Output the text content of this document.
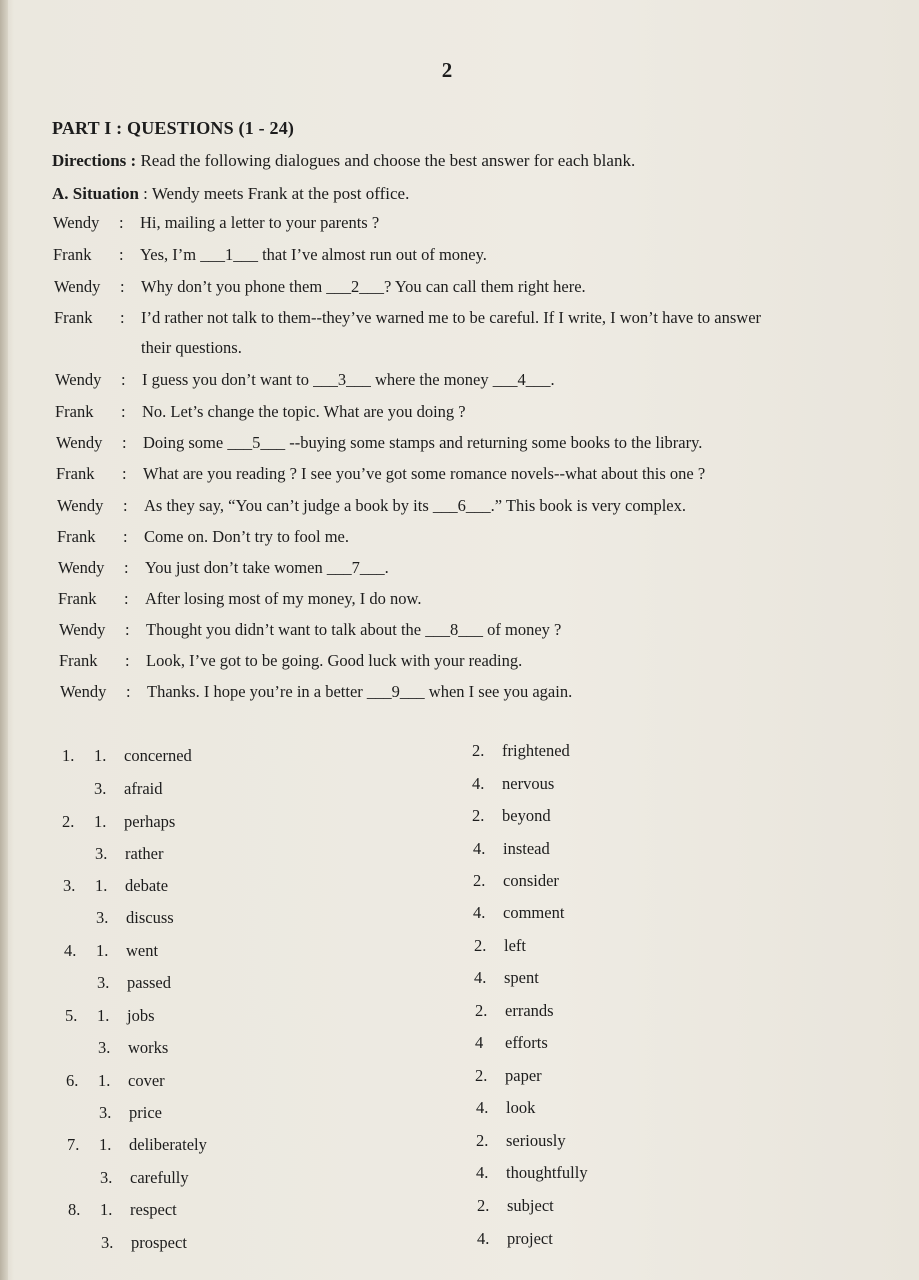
2
PART I : QUESTIONS (1 - 24)
Directions : Read the following dialogues and choose the best answer for each blank.
A. Situation : Wendy meets Frank at the post office.
Wendy : Hi, mailing a letter to your parents ?
Frank : Yes, I’m ___1___ that I’ve almost run out of money.
Wendy : Why don’t you phone them ___2___? You can call them right here.
Frank : I’d rather not talk to them--they’ve warned me to be careful. If I write, I won’t have to answer
their questions.
Wendy : I guess you don’t want to ___3___ where the money ___4___.
Frank : No. Let’s change the topic. What are you doing ?
Wendy : Doing some ___5___ --buying some stamps and returning some books to the library.
Frank : What are you reading ? I see you’ve got some romance novels--what about this one ?
Wendy : As they say, “You can’t judge a book by its ___6___.” This book is very complex.
Frank : Come on. Don’t try to fool me.
Wendy : You just don’t take women ___7___.
Frank : After losing most of my money, I do now.
Wendy : Thought you didn’t want to talk about the ___8___ of money ?
Frank : Look, I’ve got to be going. Good luck with your reading.
Wendy : Thanks. I hope you’re in a better ___9___ when I see you again.
1. 1. concerned	2. frightened
3. afraid	4. nervous
2. 1. perhaps	2. beyond
3. rather	4. instead
3. 1. debate	2. consider
3. discuss	4. comment
4. 1. went	2. left
3. passed	4. spent
5. 1. jobs	2. errands
3. works	4 efforts
6. 1. cover	2. paper
3. price	4. look
7. 1. deliberately	2. seriously
3. carefully	4. thoughtfully
8. 1. respect	2. subject
3. prospect	4. project
